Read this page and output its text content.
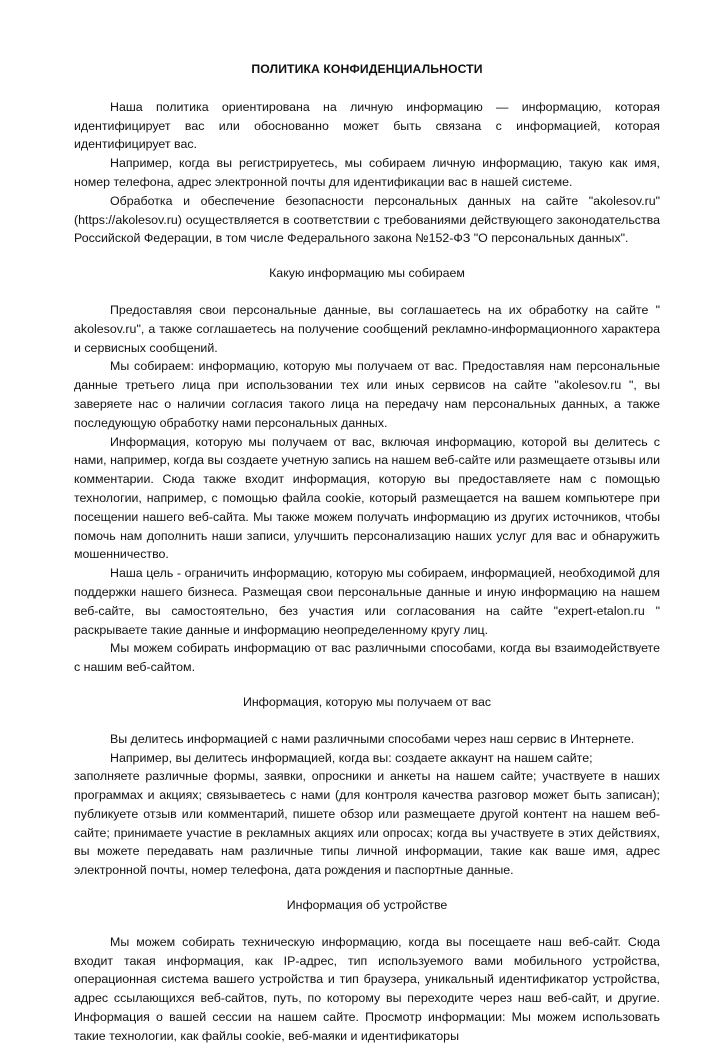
ПОЛИТИКА КОНФИДЕНЦИАЛЬНОСТИ

Наша политика ориентирована на личную информацию — информацию, которая идентифицирует вас или обоснованно может быть связана с информацией, которая идентифицирует вас.

Например, когда вы регистрируетесь, мы собираем личную информацию, такую как имя, номер телефона, адрес электронной почты для идентификации вас в нашей системе.

Обработка и обеспечение безопасности персональных данных на сайте "akolesov.ru" (https://akolesov.ru) осуществляется в соответствии с требованиями действующего законодательства Российской Федерации, в том числе Федерального закона №152-ФЗ "О персональных данных".

Какую информацию мы собираем

Предоставляя свои персональные данные, вы соглашаетесь на их обработку на сайте " akolesov.ru", а также соглашаетесь на получение сообщений рекламно-информационного характера и сервисных сообщений.

Мы собираем: информацию, которую мы получаем от вас. Предоставляя нам персональные данные третьего лица при использовании тех или иных сервисов на сайте "akolesov.ru ", вы заверяете нас о наличии согласия такого лица на передачу нам персональных данных, а также последующую обработку нами персональных данных.

Информация, которую мы получаем от вас, включая информацию, которой вы делитесь с нами, например, когда вы создаете учетную запись на нашем веб-сайте или размещаете отзывы или комментарии. Сюда также входит информация, которую вы предоставляете нам с помощью технологии, например, с помощью файла cookie, который размещается на вашем компьютере при посещении нашего веб-сайта. Мы также можем получать информацию из других источников, чтобы помочь нам дополнить наши записи, улучшить персонализацию наших услуг для вас и обнаружить мошенничество.

Наша цель - ограничить информацию, которую мы собираем, информацией, необходимой для поддержки нашего бизнеса. Размещая свои персональные данные и иную информацию на нашем веб-сайте, вы самостоятельно, без участия или согласования на сайте "expert-etalon.ru " раскрываете такие данные и информацию неопределенному кругу лиц.

Мы можем собирать информацию от вас различными способами, когда вы взаимодействуете с нашим веб-сайтом.

Информация, которую мы получаем от вас

Вы делитесь информацией с нами различными способами через наш сервис в Интернете.

Например, вы делитесь информацией, когда вы: создаете аккаунт на нашем сайте;

заполняете различные формы, заявки, опросники и анкеты на нашем сайте; участвуете в наших программах и акциях; связываетесь с нами (для контроля качества разговор может быть записан); публикуете отзыв или комментарий, пишете обзор или размещаете другой контент на нашем веб-сайте; принимаете участие в рекламных акциях или опросах; когда вы участвуете в этих действиях, вы можете передавать нам различные типы личной информации, такие как ваше имя, адрес электронной почты, номер телефона, дата рождения и паспортные данные.

Информация об устройстве

Мы можем собирать техническую информацию, когда вы посещаете наш веб-сайт. Сюда входит такая информация, как IP-адрес, тип используемого вами мобильного устройства, операционная система вашего устройства и тип браузера, уникальный идентификатор устройства, адрес ссылающихся веб-сайтов, путь, по которому вы переходите через наш веб-сайт, и другие. Информация о вашей сессии на нашем сайте. Просмотр информации: Мы можем использовать такие технологии, как файлы cookie, веб-маяки и идентификаторы
